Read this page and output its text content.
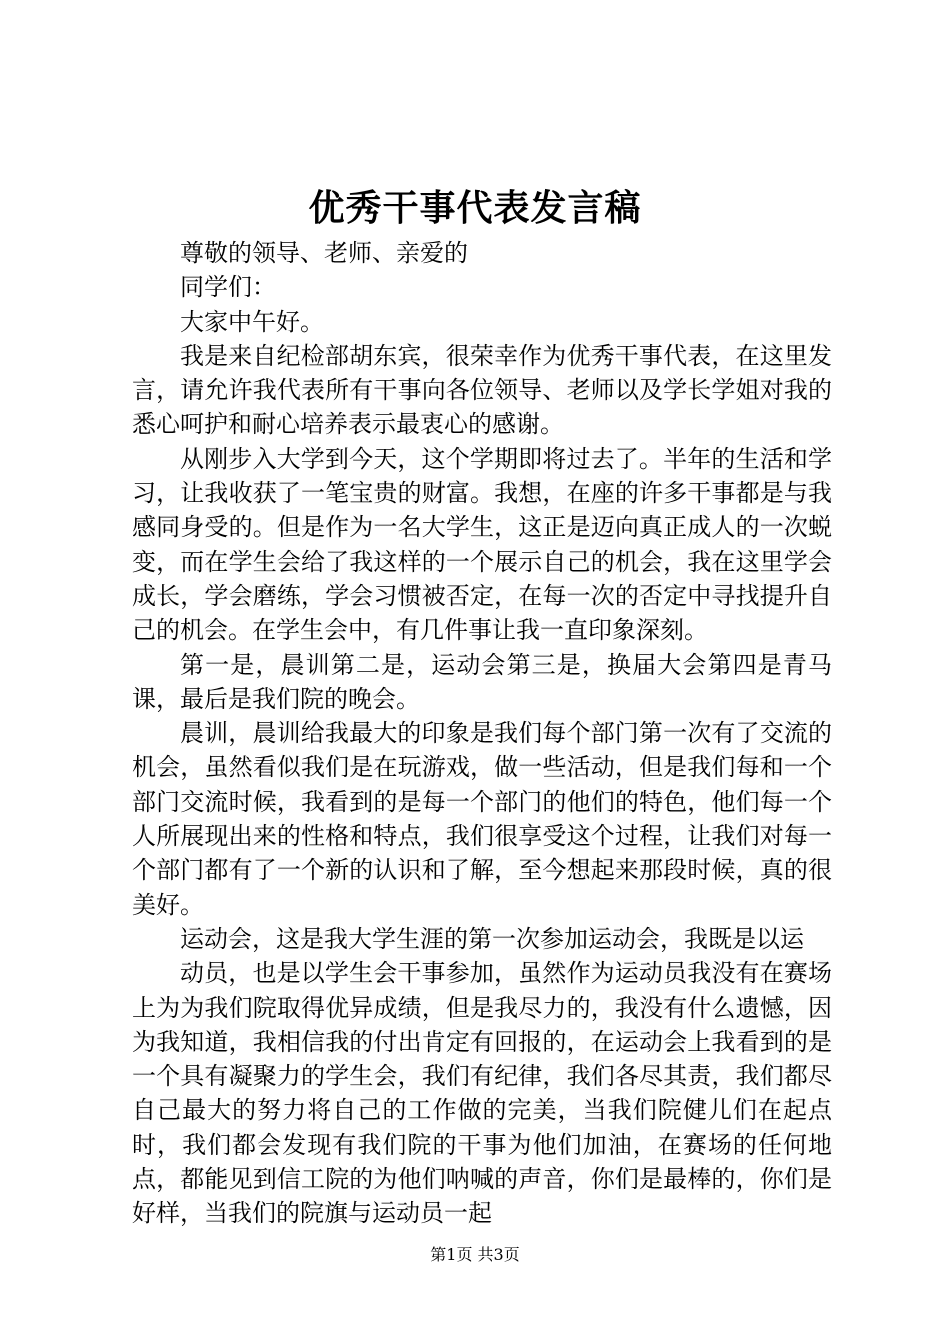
优秀干事代表发言稿

尊敬的领导、老师、亲爱的

同学们：

大家中午好。

我是来自纪检部胡东宾，很荣幸作为优秀干事代表，在这里发言，请允许我代表所有干事向各位领导、老师以及学长学姐对我的悉心呵护和耐心培养表示最衷心的感谢。

从刚步入大学到今天，这个学期即将过去了。半年的生活和学习，让我收获了一笔宝贵的财富。我想，在座的许多干事都是与我感同身受的。但是作为一名大学生，这正是迈向真正成人的一次蜕变，而在学生会给了我这样的一个展示自己的机会，我在这里学会成长，学会磨练，学会习惯被否定，在每一次的否定中寻找提升自己的机会。在学生会中，有几件事让我一直印象深刻。

第一是，晨训第二是，运动会第三是，换届大会第四是青马课，最后是我们院的晚会。

晨训，晨训给我最大的印象是我们每个部门第一次有了交流的机会，虽然看似我们是在玩游戏，做一些活动，但是我们每和一个部门交流时候，我看到的是每一个部门的他们的特色，他们每一个人所展现出来的性格和特点，我们很享受这个过程，让我们对每一个部门都有了一个新的认识和了解，至今想起来那段时候，真的很美好。

运动会，这是我大学生涯的第一次参加运动会，我既是以运

动员，也是以学生会干事参加，虽然作为运动员我没有在赛场上为为我们院取得优异成绩，但是我尽力的，我没有什么遗憾，因为我知道，我相信我的付出肯定有回报的，在运动会上我看到的是一个具有凝聚力的学生会，我们有纪律，我们各尽其责，我们都尽自己最大的努力将自己的工作做的完美，当我们院健儿们在起点时，我们都会发现有我们院的干事为他们加油，在赛场的任何地点，都能见到信工院的为他们呐喊的声音，你们是最棒的，你们是好样，当我们的院旗与运动员一起

第1页 共3页
